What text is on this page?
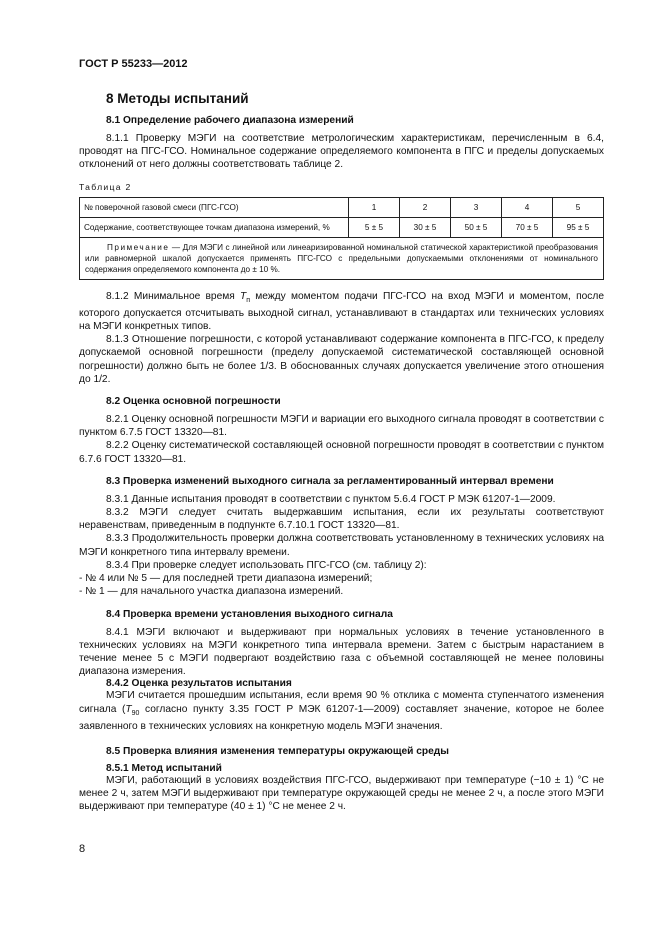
ГОСТ Р 55233—2012
8 Методы испытаний
8.1 Определение рабочего диапазона измерений

8.1.1 Проверку МЭГИ на соответствие метрологическим характеристикам, перечисленным в 6.4, проводят на ПГС-ГСО. Номинальное содержание определяемого компонента в ПГС и пределы допускаемых отклонений от него должны соответствовать таблице 2.

Таблица 2
№ поверочной газовой смеси (ПГС-ГСО)	1	2	3	4	5
Содержание, соответствующее точкам диапазона измерений, %	5 ± 5	30 ± 5	50 ± 5	70 ± 5	95 ± 5
Примечание — Для МЭГИ с линейной или линеаризированной номинальной статической характеристикой преобразования или равномерной шкалой допускается применять ПГС-ГСО с предельными допускаемыми отклонениями от номинального содержания определяемого компонента до ± 10 %.					

8.1.2 Минимальное время $T_п$ между моментом подачи ПГС-ГСО на вход МЭГИ и моментом, после которого допускается отсчитывать выходной сигнал, устанавливают в стандартах или технических условиях на МЭГИ конкретных типов.

8.1.3 Отношение погрешности, с которой устанавливают содержание компонента в ПГС-ГСО, к пределу допускаемой основной погрешности (пределу допускаемой систематической составляющей основной погрешности) должно быть не более 1/3. В обоснованных случаях допускается увеличение этого отношения до 1/2.

8.2 Оценка основной погрешности

8.2.1 Оценку основной погрешности МЭГИ и вариации его выходного сигнала проводят в соответствии с пунктом 6.7.5 ГОСТ 13320—81.

8.2.2 Оценку систематической составляющей основной погрешности проводят в соответствии с пунктом 6.7.6 ГОСТ 13320—81.

8.3 Проверка изменений выходного сигнала за регламентированный интервал времени

8.3.1 Данные испытания проводят в соответствии с пунктом 5.6.4 ГОСТ Р МЭК 61207-1—2009.

8.3.2 МЭГИ следует считать выдержавшим испытания, если их результаты соответствуют неравенствам, приведенным в подпункте 6.7.10.1 ГОСТ 13320—81.

8.3.3 Продолжительность проверки должна соответствовать установленному в технических условиях на МЭГИ конкретного типа интервалу времени.

8.3.4 При проверке следует использовать ПГС-ГСО (см. таблицу 2):

- № 4 или № 5 — для последней трети диапазона измерений;

- № 1 — для начального участка диапазона измерений.

8.4 Проверка времени установления выходного сигнала

8.4.1 МЭГИ включают и выдерживают при нормальных условиях в течение установленного в технических условиях на МЭГИ конкретного типа интервала времени. Затем с быстрым нарастанием в течение менее 5 с МЭГИ подвергают воздействию газа с объемной составляющей не менее половины диапазона измерения.

8.4.2 Оценка результатов испытания

МЭГИ считается прошедшим испытания, если время 90 % отклика с момента ступенчатого изменения сигнала ($T_{90}$ согласно пункту 3.35 ГОСТ Р МЭК 61207-1—2009) составляет значение, которое не более заявленного в технических условиях на конкретную модель МЭГИ значения.

8.5 Проверка влияния изменения температуры окружающей среды
8.5.1 Метод испытаний

МЭГИ, работающий в условиях воздействия ПГС-ГСО, выдерживают при температуре (−10 ± 1) °С не менее 2 ч, затем МЭГИ выдерживают при температуре окружающей среды не менее 2 ч, а после этого МЭГИ выдерживают при температуре (40 ± 1) °С не менее 2 ч.

8
